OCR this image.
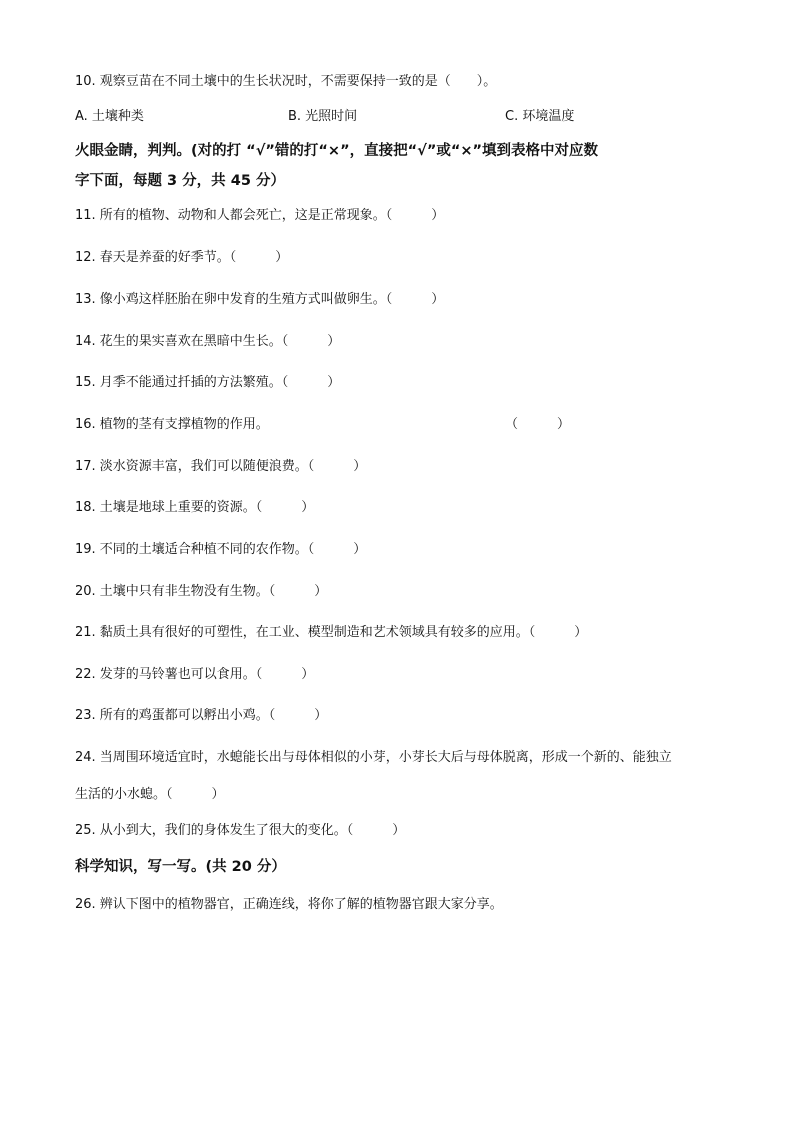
10. 观察豆苗在不同土壤中的生长状况时，不需要保持一致的是（　　）。
A. 土壤种类	B. 光照时间	C. 环境温度
火眼金睛，判判。(对的打 “√”错的打“×”，直接把“√”或“×”填到表格中对应数
字下面，每题 3 分，共 45 分）
11. 所有的植物、动物和人都会死亡，这是正常现象。（　　　）
12. 春天是养蚕的好季节。（　　　）
13. 像小鸡这样胚胎在卵中发育的生殖方式叫做卵生。（　　　）
14. 花生的果实喜欢在黑暗中生长。（　　　）
15. 月季不能通过扦插的方法繁殖。（　　　）
16. 植物的茎有支撑植物的作用。	（　　　）
17. 淡水资源丰富，我们可以随便浪费。（　　　）
18. 土壤是地球上重要的资源。（　　　）
19. 不同的土壤适合种植不同的农作物。（　　　）
20. 土壤中只有非生物没有生物。（　　　）
21. 黏质土具有很好的可塑性，在工业、模型制造和艺术领域具有较多的应用。（　　　）
22. 发芽的马铃薯也可以食用。（　　　）
23. 所有的鸡蛋都可以孵出小鸡。（　　　）
24. 当周围环境适宜时，水螅能长出与母体相似的小芽，小芽长大后与母体脱离，形成一个新的、能独立
生活的小水螅。（　　　）
25. 从小到大，我们的身体发生了很大的变化。（　　　）
科学知识，写一写。(共 20 分）
26. 辨认下图中的植物器官，正确连线，将你了解的植物器官跟大家分享。
